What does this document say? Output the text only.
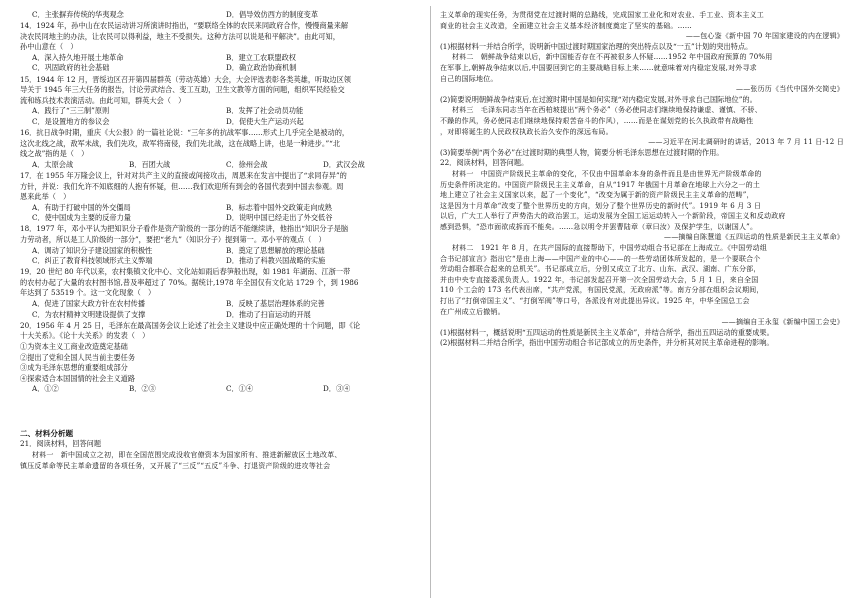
C．主张摒弃传统的华夷观念	D．倡导效仿西方的制度变革
14．1924 年，孙中山在农民运动讲习所演讲时指出，“要联络全体的农民来同政府合作，慢慢商量来解
决农民同地主的办法，让农民可以得利益，地主不受损失。这种方法可以说是和平解决”。由此可知，
孙中山意在（　）
A．深入持久地开展土地革命	B．建立工农联盟政权
C．巩固政府的社会基础	D．确立政治协商机制
15．1944 年 12 月，晋绥边区召开第四届群英（劳动英雄）大会，大会评选表彰各类英雄，听取边区领
导关于 1945 年三大任务的报告，讨论劳武结合、变工互助，卫生文教等方面的问题，组织军民经验交
流和练兵技术表演活动。由此可知，群英大会（　）
A．践行了“三三制”原则	B．发挥了社会动员功能
C．是设置地方的参议会	D．促使大生产运动兴起
16．抗日战争时期，重庆《大公报》的一篇社论说：“三年多的抗战军事……形式上几乎完全是被动的，
这次北线之战，敌军未战，我们先攻，敌军将南侵，我们先北战，这在战略上讲，也是一种进步。”“北
线之战”指的是（　）
A．太原会战	B．百团大战	C．徐州会战	D．武汉会战
17．在 1955 年万隆会议上，针对对共产主义的直接或间接攻击，周恩来在发言中提出了“求同存异”的
方针，并说：我们允许不知底细的人抱有怀疑，但……我们欢迎所有到会的各国代表到中国去参观。周
恩来此举（　）
A．有助于打破中国的外交僵局	B．标志着中国外交政策走向成熟
C．使中国成为主要的反帝力量	D．说明中国已经走出了外交低谷
18．1977 年，邓小平认为把知识分子看作是资产阶级的一部分的话不能继续讲，他指出“知识分子是脑
力劳动者，所以是工人阶级的一部分”，要把“老九”（知识分子）提到第一。邓小平的观点（　）
A．调动了知识分子建设国家的积极性	B．奠定了思想解放的理论基础
C．纠正了教育科技领域形式主义弊端	D．推动了科教兴国战略的实施
19．20 世纪 80 年代以来，农村集镇文化中心、文化站如雨后春笋般出现，如 1981 年湖南、江浙一带
的农村办起了大量的农村图书馆,普及率超过了 70%。据统计,1978 年全国仅有文化站 1729 个，到 1986
年达到了 53519 个。这一文化现象（　）
A．促进了国家大政方针在农村传播	B．反映了基层治理体系的完善
C．为农村精神文明建设提供了支撑	D．推动了扫盲运动的开展
20．1956 年 4 月 25 日，毛泽东在最高国务会议上论述了社会主义建设中应正确处理的十个问题，即《论
十大关系》。《论十大关系》的发表（　）
①为资本主义工商业改造奠定基础
②提出了党和全国人民当前主要任务
③成为毛泽东思想的重要组成部分
④探索适合本国国情的社会主义道路
A．①②	B．②③	C．①④	D．③④
二、材料分析题
21．阅读材料，回答问题
材料一　新中国成立之初，即在全国范围完成没收官僚资本为国家所有、推进新解放区土地改革、
镇压反革命等民主革命遗留的各项任务，又开展了“三反”“五反”斗争、打退资产阶级的进攻等社会
主义革命的现实任务，为贯彻党在过渡时期的总路线，完成国家工业化和对农业、手工业、资本主义工
商业的社会主义改造，全面建立社会主义基本经济制度奠定了坚实的基础。……
——包心鉴《新中国 70 年国家建设的内在逻辑》
(1)根据材料一并结合所学，说明新中国过渡时期国家治理的突出特点以及“一五”计划的突出特点。
材料二　朝鲜战争结束以后，新中国能否存在不再被很多人怀疑……1952 年中国政府预算的 70%用
在军事上,朝鲜战争结束以后,中国要回到它的主要战略目标上来……就意味着对内稳定发展,对外寻求
自己的国际地位。
——张历历《当代中国外交简史》
(2)简要说明朝鲜战争结束后,在过渡时期中国是如何实现“对内稳定发展,对外寻求自己国际地位”的。
材料三　毛泽东同志当年在西柏坡提出“两个务必”（务必使同志们继续地保持谦虚、谨慎、不骄、
不躁的作风，务必使同志们继续地保持艰苦奋斗的作风），……而是在谋划党的长久执政带有战略性
，对即将诞生的人民政权执政长治久安作的深远布局。
——习近平在河北调研时的讲话，2013 年 7 月 11 日-12 日
(3)简要举例“两个务必”在过渡时期的典型人物，简要分析毛泽东思想在过渡时期的作用。
22．阅读材料，回答问题。
材料一　中国资产阶级民主革命的变化，不仅由中国革命本身的条件而且是由世界无产阶级革命的
历史条件所决定的。中国资产阶级民主主义革命，自从“1917 年俄国十月革命在地球上六分之一的土
地上建立了社会主义国家以来，起了一个变化”，“改变为属于新的资产阶级民主主义革命的范畴”，
这是因为十月革命“改变了整个世界历史的方向，划分了整个世界历史的新时代”。1919 年 6 月 3 日
以后，广大工人举行了声势浩大的政治罢工，运动发展为全国工运运动转入一个新阶段，帝国主义和反动政府
感到恐惧，“恐市面欲成拆而不能矣。……急以明令并罢曹陆章（章曰汝）及保护学生，以谢国人”。
——摘编自陈慧道《五四运动的性质是新民主主义革命》
材料二　1921 年 8 月，在共产国际的直接帮助下，中国劳动组合书记部在上海成立。《中国劳动组
合书记部宣言》指出它“是由上海——中国产业的中心——的一些劳动团体所发起的，是一个要联合个
劳动组合都联合起来的总机关”。书记部成立后，分别又成立了北方、山东、武汉、湖南、广东分部，
并由中央专直接委派负责人。1922 年，书记部发起召开第一次全国劳动大会，5 月 1 日，来自全国
110 个工会的 173 名代表出席，“共产党派，有国民党派，无政府派”等。南方分部在组织会议期间，
打出了“打倒帝国主义”、“打倒军阀”等口号，各派没有对此提出异议。1925 年，中华全国总工会
在广州成立后撤销。
——摘编自王永玺《新编中国工会史》
(1)根据材料一，概括说明“五四运动的性质是新民主主义革命”，并结合所学，指出五四运动的重要成果。
(2)根据材料二并结合所学，指出中国劳动组合书记部成立的历史条件，并分析其对民主革命进程的影响。
